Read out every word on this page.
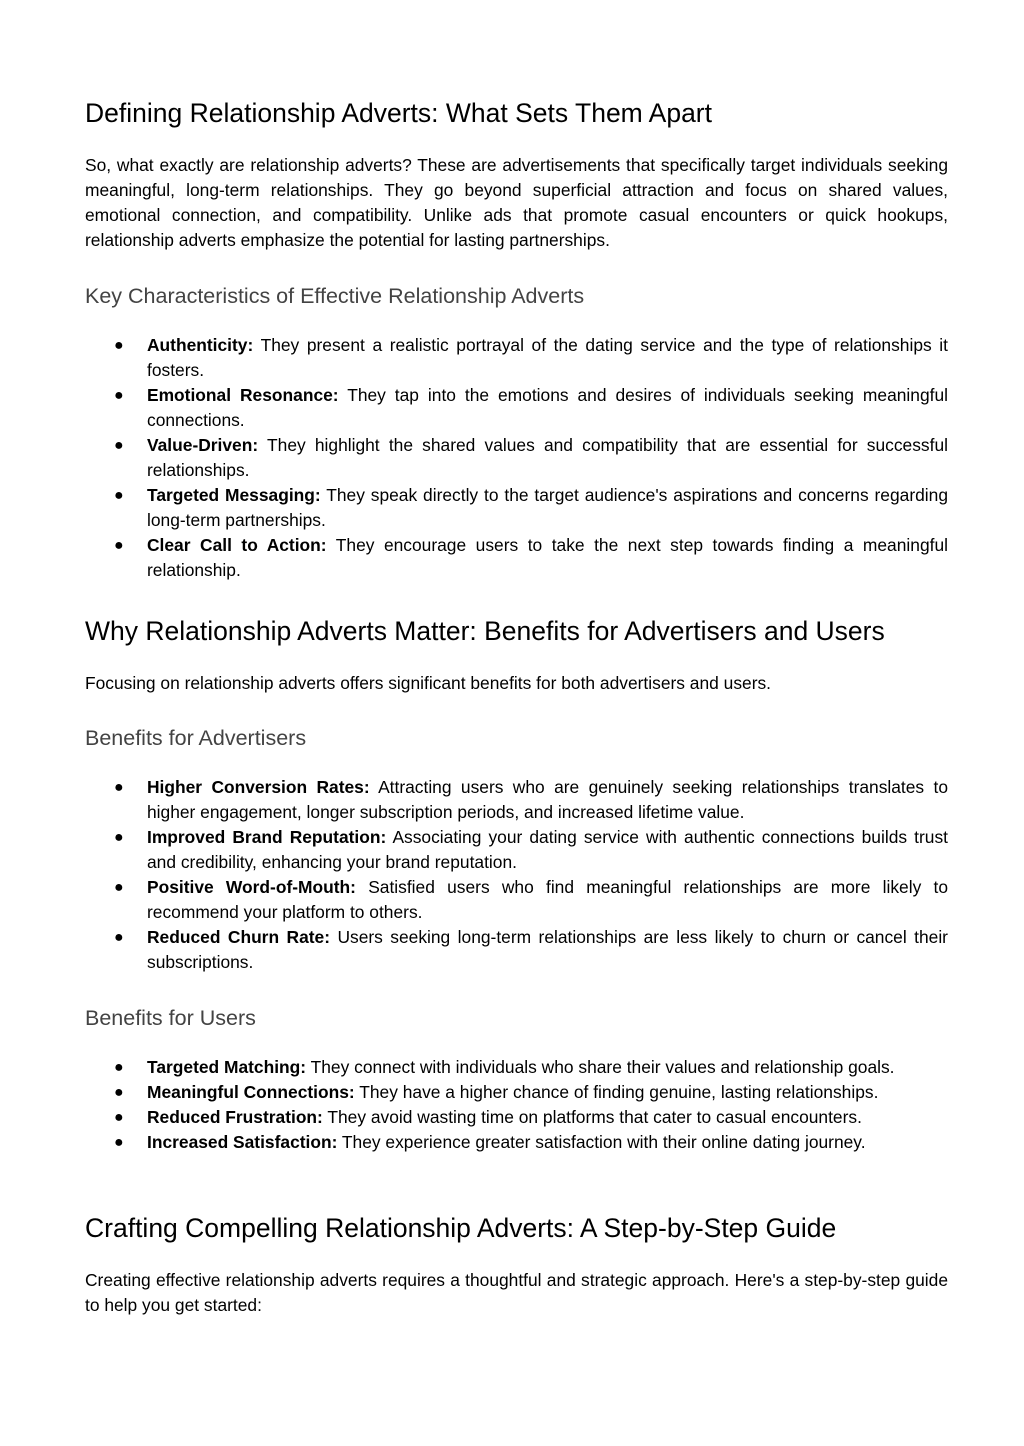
Defining Relationship Adverts: What Sets Them Apart

So, what exactly are relationship adverts? These are advertisements that specifically target individuals seeking meaningful, long-term relationships. They go beyond superficial attraction and focus on shared values, emotional connection, and compatibility. Unlike ads that promote casual encounters or quick hookups, relationship adverts emphasize the potential for lasting partnerships.

Key Characteristics of Effective Relationship Adverts
● Authenticity: They present a realistic portrayal of the dating service and the type of relationships it fosters.
● Emotional Resonance: They tap into the emotions and desires of individuals seeking meaningful connections.
● Value-Driven: They highlight the shared values and compatibility that are essential for successful relationships.
● Targeted Messaging: They speak directly to the target audience's aspirations and concerns regarding long-term partnerships.
● Clear Call to Action: They encourage users to take the next step towards finding a meaningful relationship.
Why Relationship Adverts Matter: Benefits for Advertisers and Users

Focusing on relationship adverts offers significant benefits for both advertisers and users.

Benefits for Advertisers
● Higher Conversion Rates: Attracting users who are genuinely seeking relationships translates to higher engagement, longer subscription periods, and increased lifetime value.
● Improved Brand Reputation: Associating your dating service with authentic connections builds trust and credibility, enhancing your brand reputation.
● Positive Word-of-Mouth: Satisfied users who find meaningful relationships are more likely to recommend your platform to others.
● Reduced Churn Rate: Users seeking long-term relationships are less likely to churn or cancel their subscriptions.
Benefits for Users
● Targeted Matching: They connect with individuals who share their values and relationship goals.
● Meaningful Connections: They have a higher chance of finding genuine, lasting relationships.
● Reduced Frustration: They avoid wasting time on platforms that cater to casual encounters.
● Increased Satisfaction: They experience greater satisfaction with their online dating journey.
Crafting Compelling Relationship Adverts: A Step-by-Step Guide

Creating effective relationship adverts requires a thoughtful and strategic approach. Here's a step-by-step guide to help you get started:
